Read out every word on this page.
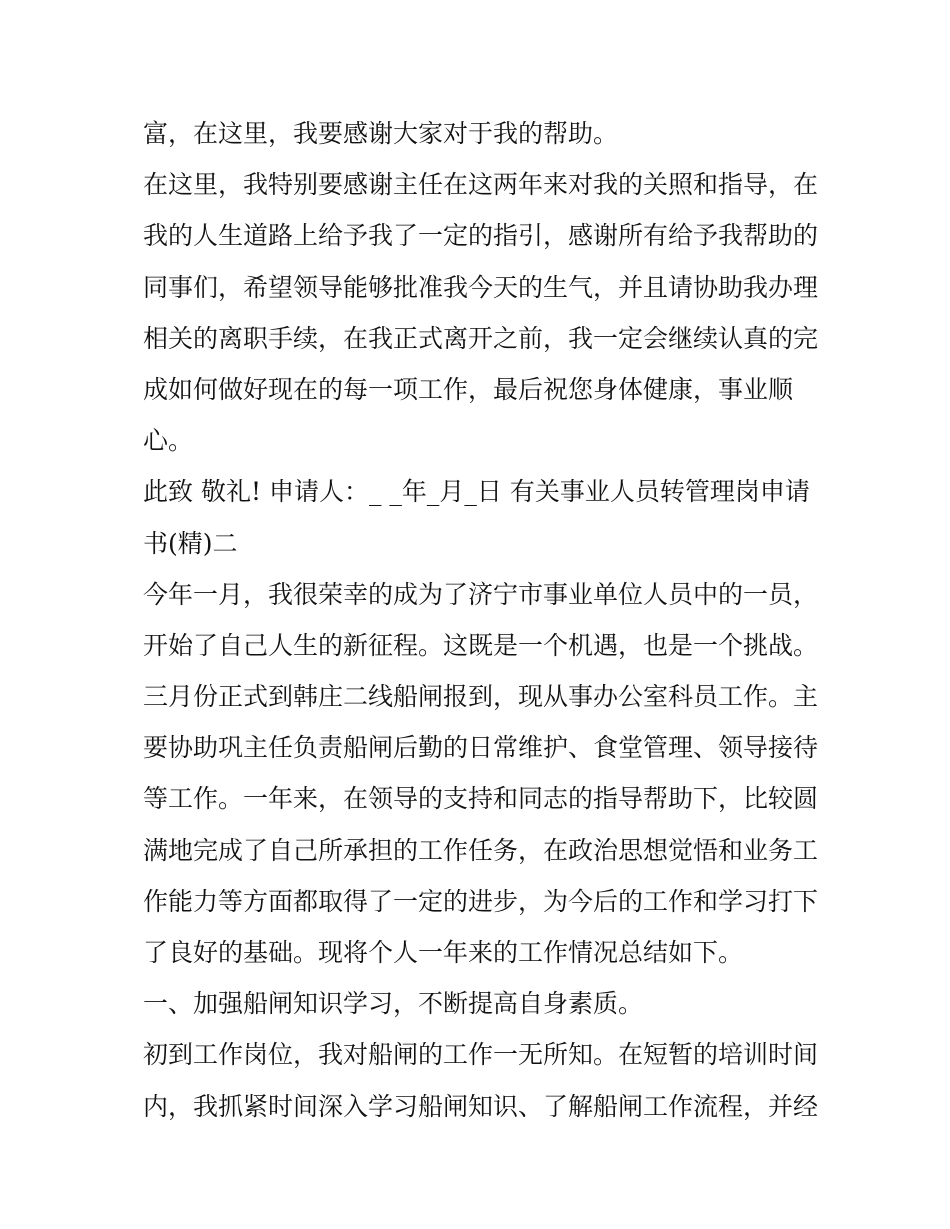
富，在这里，我要感谢大家对于我的帮助。
在这里，我特别要感谢主任在这两年来对我的关照和指导，在
我的人生道路上给予我了一定的指引，感谢所有给予我帮助的
同事们，希望领导能够批准我今天的生气，并且请协助我办理
相关的离职手续，在我正式离开之前，我一定会继续认真的完
成如何做好现在的每一项工作，最后祝您身体健康，事业顺
心。
此致 敬礼! 申请人：_ _年_月_日 有关事业人员转管理岗申请
书(精)二
今年一月，我很荣幸的成为了济宁市事业单位人员中的一员，
开始了自己人生的新征程。这既是一个机遇，也是一个挑战。
三月份正式到韩庄二线船闸报到，现从事办公室科员工作。主
要协助巩主任负责船闸后勤的日常维护、食堂管理、领导接待
等工作。一年来，在领导的支持和同志的指导帮助下，比较圆
满地完成了自己所承担的工作任务，在政治思想觉悟和业务工
作能力等方面都取得了一定的进步，为今后的工作和学习打下
了良好的基础。现将个人一年来的工作情况总结如下。
一、加强船闸知识学习，不断提高自身素质。
初到工作岗位，我对船闸的工作一无所知。在短暂的培训时间
内，我抓紧时间深入学习船闸知识、了解船闸工作流程，并经
